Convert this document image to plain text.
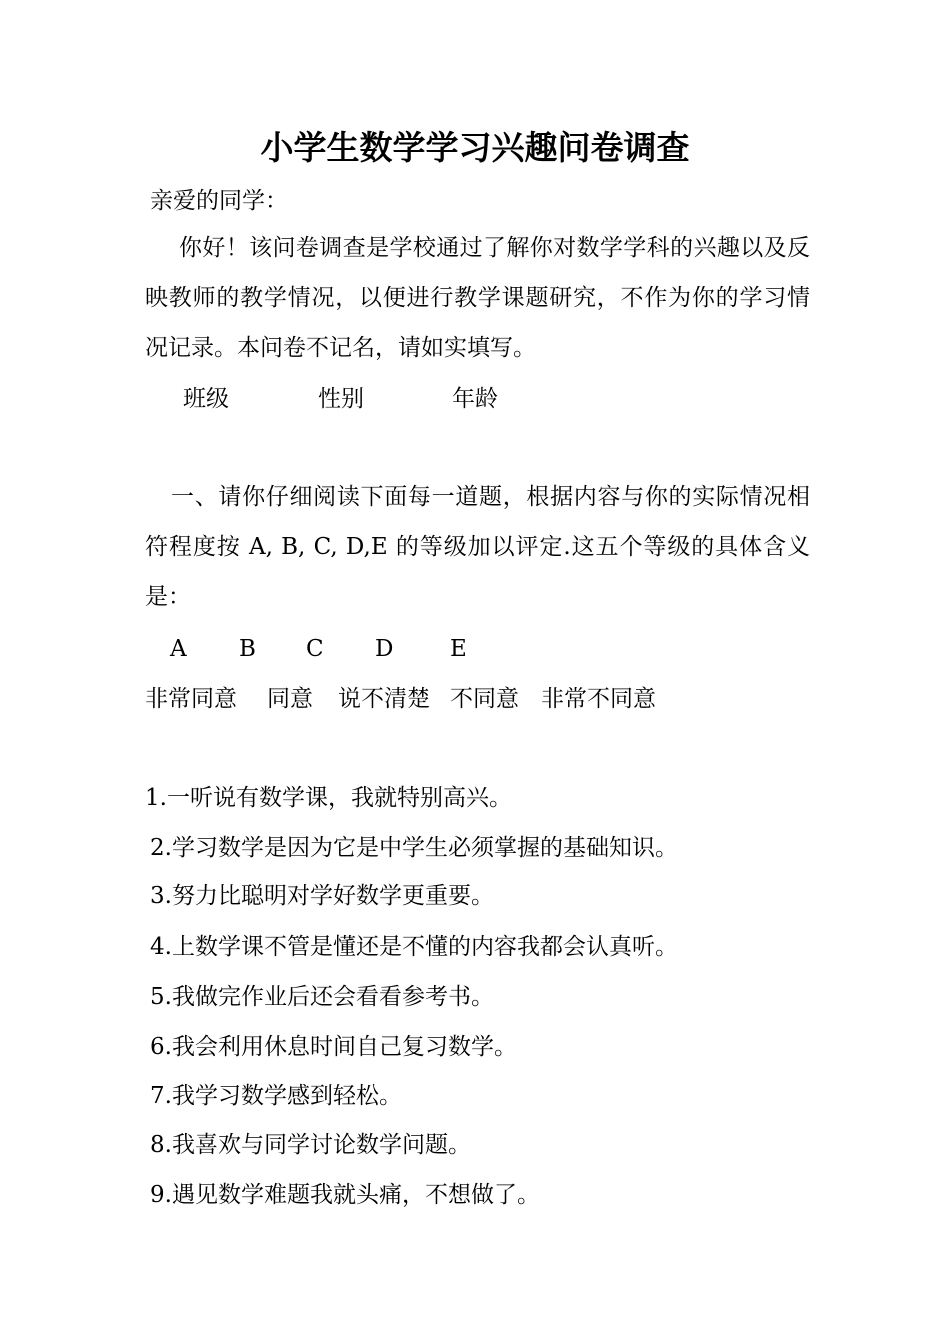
小学生数学学习兴趣问卷调查
亲爱的同学：
你好！该问卷调查是学校通过了解你对数学学科的兴趣以及反映教师的教学情况，以便进行教学课题研究，不作为你的学习情况记录。本问卷不记名，请如实填写。
班级	性别	年龄
一、请你仔细阅读下面每一道题，根据内容与你的实际情况相符程度按 A, B, C, D,E 的等级加以评定.这五个等级的具体含义是：
A B C D E
非常同意 同意 说不清楚 不同意 非常不同意
1.一听说有数学课，我就特别高兴。
2.学习数学是因为它是中学生必须掌握的基础知识。
3.努力比聪明对学好数学更重要。
4.上数学课不管是懂还是不懂的内容我都会认真听。
5.我做完作业后还会看看参考书。
6.我会利用休息时间自己复习数学。
7.我学习数学感到轻松。
8.我喜欢与同学讨论数学问题。
9.遇见数学难题我就头痛，不想做了。
